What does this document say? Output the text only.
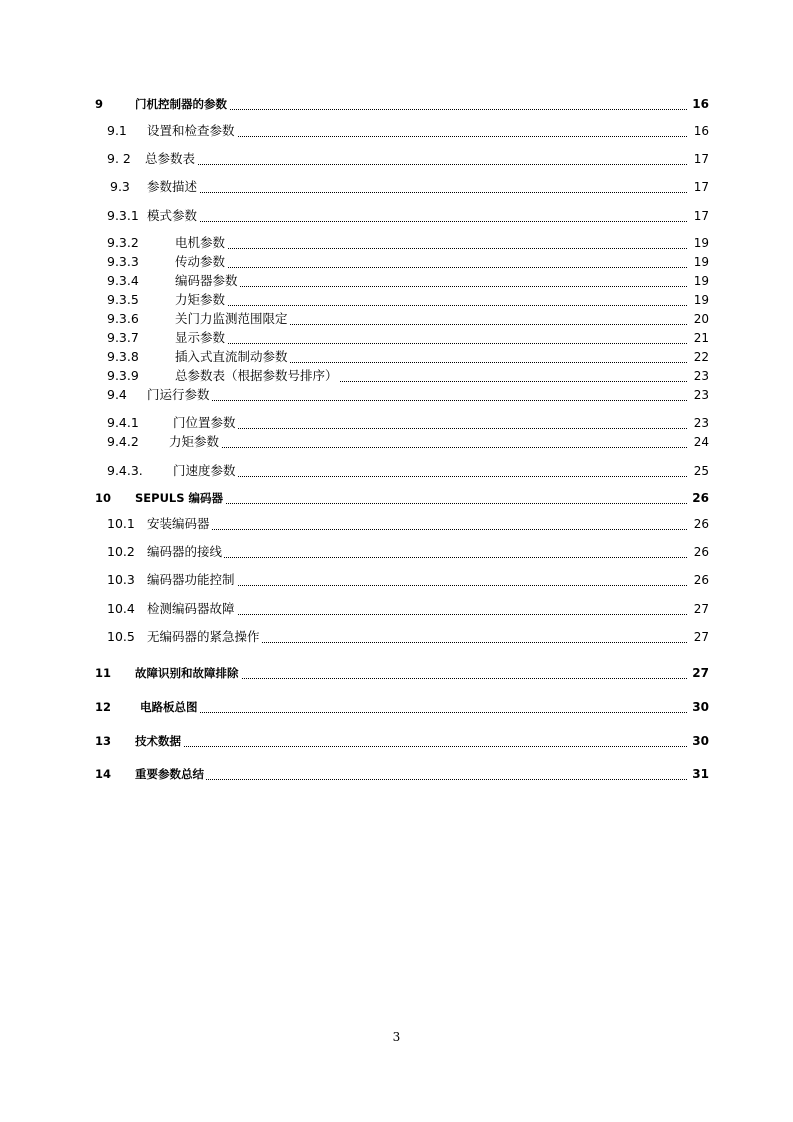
9	门机控制器的参数	16
9.1 设置和检查参数	16
9. 2 总参数表	17
9.3 参数描述	17
9.3.1 模式参数	17
9.3.2	电机参数	19
9.3.3	传动参数	19
9.3.4	编码器参数	19
9.3.5	力矩参数	19
9.3.6	关门力监测范围限定	20
9.3.7	显示参数	21
9.3.8	插入式直流制动参数	22
9.3.9	总参数表（根据参数号排序）	23
9.4 门运行参数	23
9.4.1	门位置参数	23
9.4.2 力矩参数	24
9.4.3. 门速度参数	25
10 SEPULS 编码器	26
10.1 安装编码器	26
10.2 编码器的接线	26
10.3 编码器功能控制	26
10.4 检测编码器故障	27
10.5 无编码器的紧急操作	27
11 故障识别和故障排除	27
12	电路板总图	30
13 技术数据	30
14 重要参数总结	31
3
